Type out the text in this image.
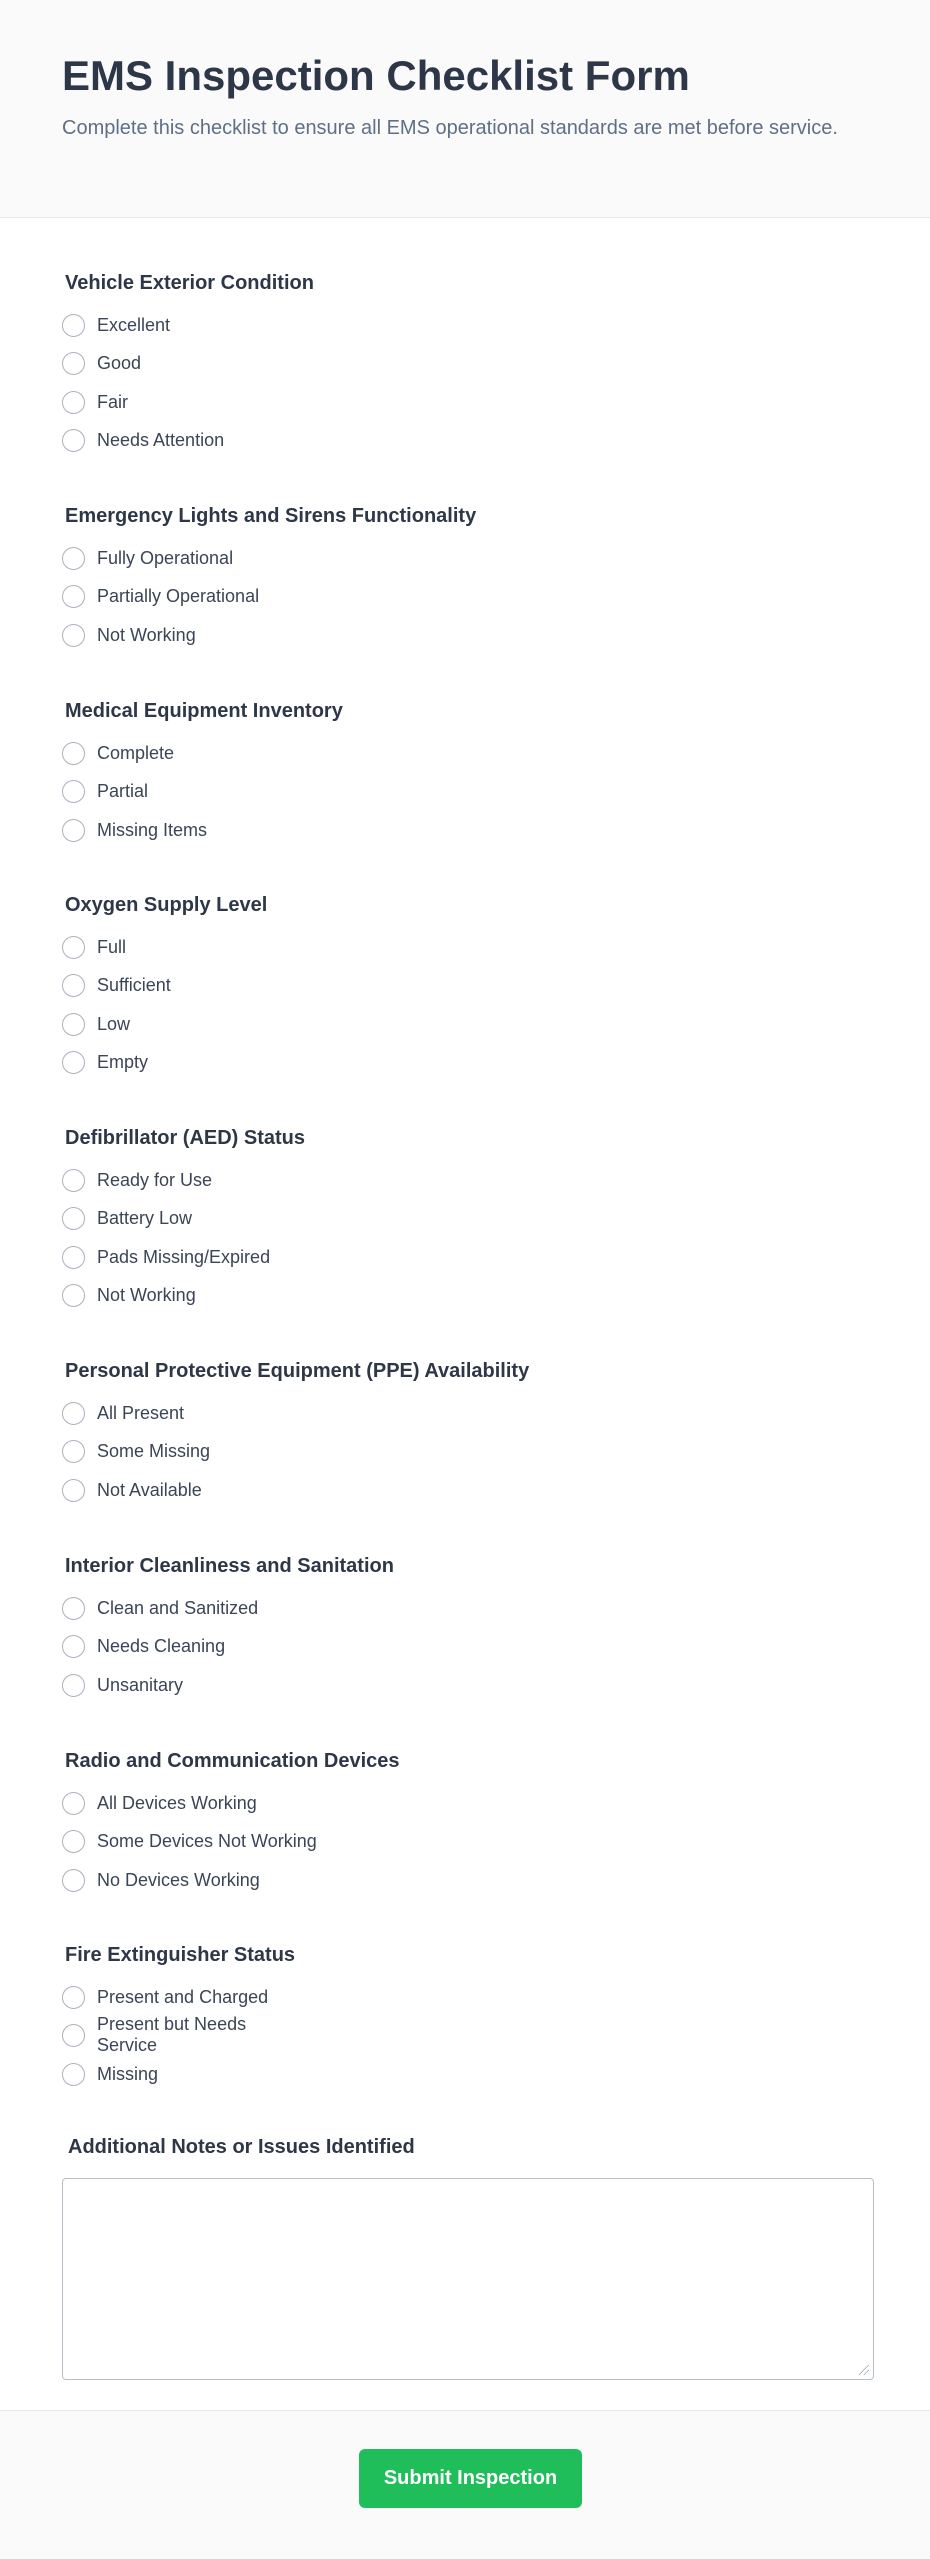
EMS Inspection Checklist Form
Complete this checklist to ensure all EMS operational standards are met before service.
Vehicle Exterior Condition
Excellent
Good
Fair
Needs Attention
Emergency Lights and Sirens Functionality
Fully Operational
Partially Operational
Not Working
Medical Equipment Inventory
Complete
Partial
Missing Items
Oxygen Supply Level
Full
Sufficient
Low
Empty
Defibrillator (AED) Status
Ready for Use
Battery Low
Pads Missing/Expired
Not Working
Personal Protective Equipment (PPE) Availability
All Present
Some Missing
Not Available
Interior Cleanliness and Sanitation
Clean and Sanitized
Needs Cleaning
Unsanitary
Radio and Communication Devices
All Devices Working
Some Devices Not Working
No Devices Working
Fire Extinguisher Status
Present and Charged
Present but Needs Service
Missing
Additional Notes or Issues Identified
Submit Inspection
